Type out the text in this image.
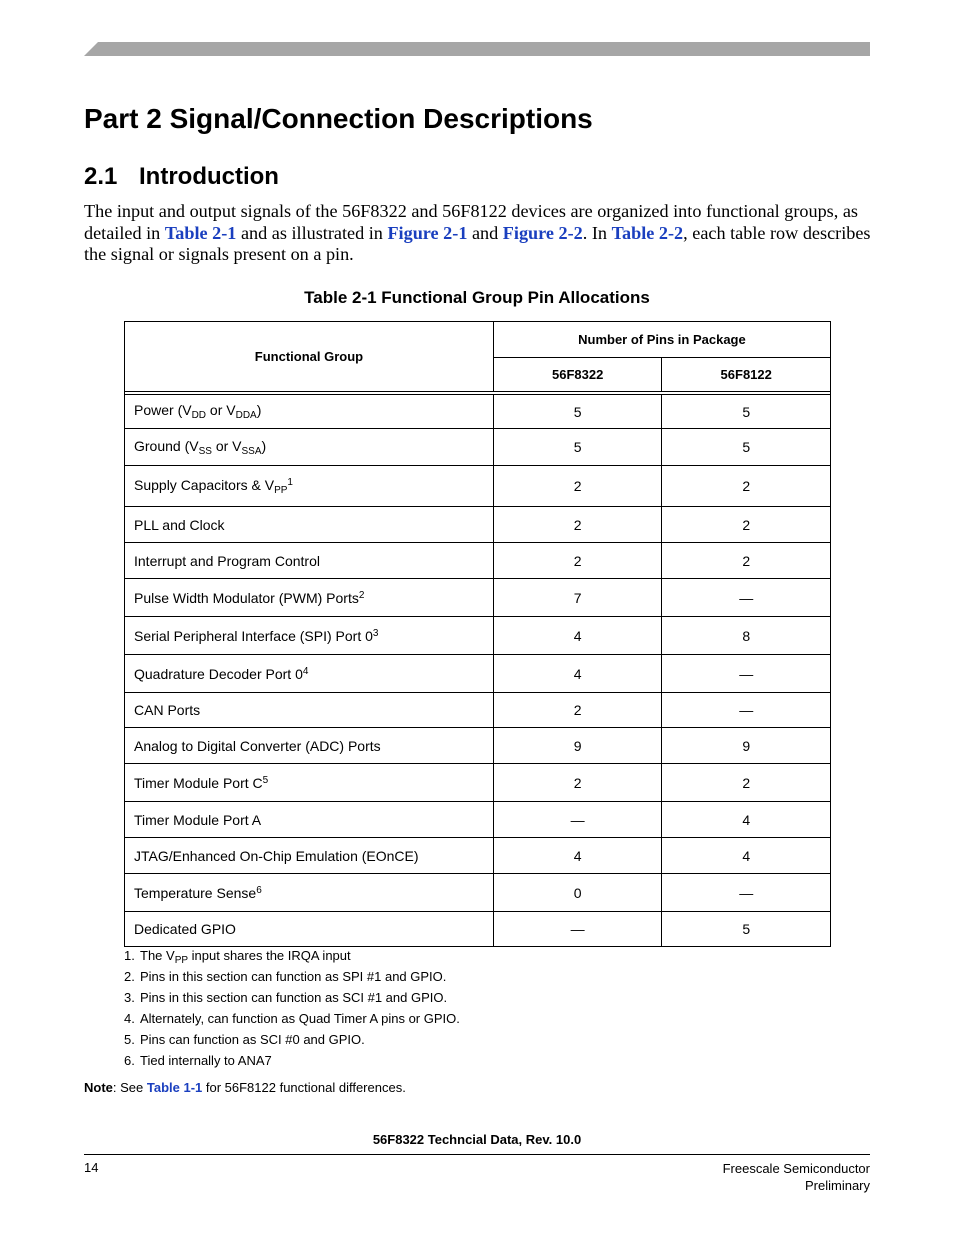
Part 2 Signal/Connection Descriptions
2.1 Introduction

The input and output signals of the 56F8322 and 56F8122 devices are organized into functional groups, as detailed in Table 2-1 and as illustrated in Figure 2-1 and Figure 2-2. In Table 2-2, each table row describes the signal or signals present on a pin.

Table 2-1 Functional Group Pin Allocations

Functional Group	Number of Pins in Package	
	56F8322	56F8122

Power ($V_{DD}$ or $V_{DDA}$)	5	5
Ground ($V_{SS}$ or $V_{SSA}$)	5	5
Supply Capacitors & $V_{PP}^1$	2	2
PLL and Clock	2	2
Interrupt and Program Control	2	2
Pulse Width Modulator (PWM) Ports$^2$	7	—
Serial Peripheral Interface (SPI) Port $0^3$	4	8
Quadrature Decoder Port $0^4$	4	—
CAN Ports	2	—
Analog to Digital Converter (ADC) Ports	9	9
Timer Module Port $C^5$	2	2
Timer Module Port A	—	4
JTAG/Enhanced On-Chip Emulation (EOnCE)	4	4
Temperature Sense$^6$	0	—
Dedicated GPIO	—	5
1. The $V_{PP}$ input shares the IRQA input
2. Pins in this section can function as SPI #1 and GPIO.
3. Pins in this section can function as SCI #1 and GPIO.
4. Alternately, can function as Quad Timer A pins or GPIO.
5. Pins can function as SCI #0 and GPIO.
6. Tied internally to ANA7

Note: See Table 1-1 for 56F8122 functional differences.

56F8322 Techncial Data, Rev. 10.0

14	Freescale Semiconductor
Preliminary
